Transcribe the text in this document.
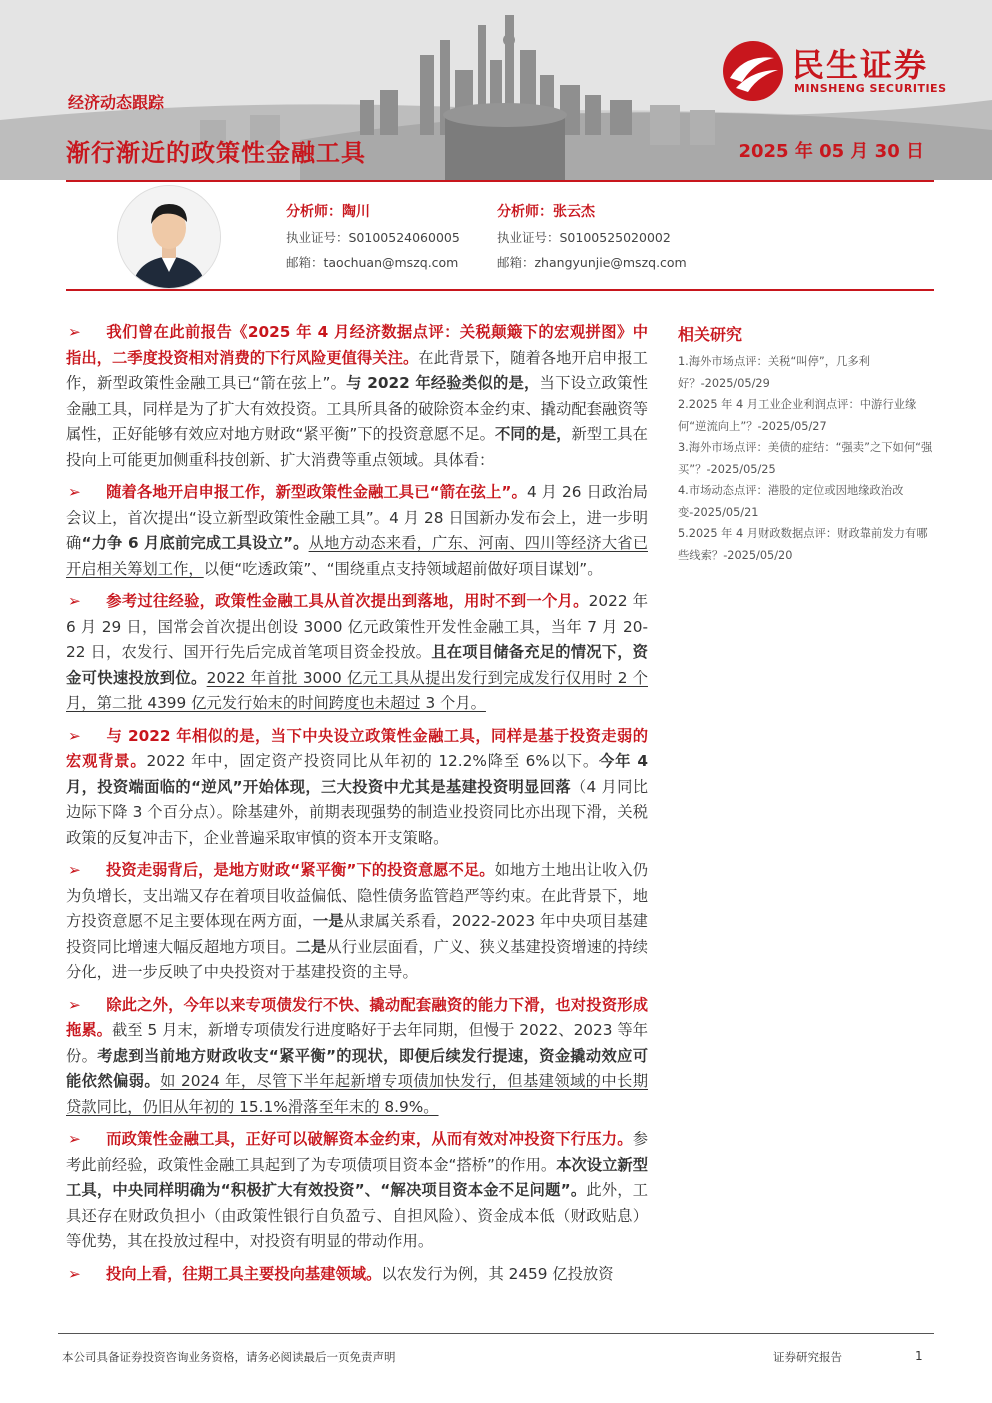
民生证券
MINSHENG SECURITIES
经济动态跟踪
渐行渐近的政策性金融工具	2025 年 05 月 30 日
分析师：陶川
执业证号：S0100524060005
邮箱：taochuan@mszq.com
分析师：张云杰
执业证号：S0100525020002
邮箱：zhangyunjie@mszq.com

➢ 我们曾在此前报告《2025 年 4 月经济数据点评：关税颠簸下的宏观拼图》中指出，二季度投资相对消费的下行风险更值得关注。在此背景下，随着各地开启申报工作，新型政策性金融工具已“箭在弦上”。与 2022 年经验类似的是，当下设立政策性金融工具，同样是为了扩大有效投资。工具所具备的破除资本金约束、撬动配套融资等属性，正好能够有效应对地方财政“紧平衡”下的投资意愿不足。不同的是，新型工具在投向上可能更加侧重科技创新、扩大消费等重点领域。具体看：

➢ 随着各地开启申报工作，新型政策性金融工具已“箭在弦上”。4 月 26 日政治局会议上，首次提出“设立新型政策性金融工具”。4 月 28 日国新办发布会上，进一步明确“力争 6 月底前完成工具设立”。从地方动态来看，广东、河南、四川等经济大省已开启相关筹划工作，以便“吃透政策”、“围绕重点支持领域超前做好项目谋划”。

➢ 参考过往经验，政策性金融工具从首次提出到落地，用时不到一个月。2022 年 6 月 29 日，国常会首次提出创设 3000 亿元政策性开发性金融工具，当年 7 月 20-22 日，农发行、国开行先后完成首笔项目资金投放。且在项目储备充足的情况下，资金可快速投放到位。2022 年首批 3000 亿元工具从提出发行到完成发行仅用时 2 个月，第二批 4399 亿元发行始末的时间跨度也未超过 3 个月。

➢ 与 2022 年相似的是，当下中央设立政策性金融工具，同样是基于投资走弱的宏观背景。2022 年中，固定资产投资同比从年初的 12.2%降至 6%以下。今年 4 月，投资端面临的“逆风”开始体现，三大投资中尤其是基建投资明显回落（4 月同比边际下降 3 个百分点）。除基建外，前期表现强势的制造业投资同比亦出现下滑，关税政策的反复冲击下，企业普遍采取审慎的资本开支策略。

➢ 投资走弱背后，是地方财政“紧平衡”下的投资意愿不足。如地方土地出让收入仍为负增长，支出端又存在着项目收益偏低、隐性债务监管趋严等约束。在此背景下，地方投资意愿不足主要体现在两方面，一是从隶属关系看，2022-2023 年中央项目基建投资同比增速大幅反超地方项目。二是从行业层面看，广义、狭义基建投资增速的持续分化，进一步反映了中央投资对于基建投资的主导。

➢ 除此之外，今年以来专项债发行不快、撬动配套融资的能力下滑，也对投资形成拖累。截至 5 月末，新增专项债发行进度略好于去年同期，但慢于 2022、2023 等年份。考虑到当前地方财政收支“紧平衡”的现状，即便后续发行提速，资金撬动效应可能依然偏弱。如 2024 年，尽管下半年起新增专项债加快发行，但基建领域的中长期贷款同比，仍旧从年初的 15.1%滑落至年末的 8.9%。

➢ 而政策性金融工具，正好可以破解资本金约束，从而有效对冲投资下行压力。参考此前经验，政策性金融工具起到了为专项债项目资本金“搭桥”的作用。本次设立新型工具，中央同样明确为“积极扩大有效投资”、“解决项目资本金不足问题”。此外，工具还存在财政负担小（由政策性银行自负盈亏、自担风险）、资金成本低（财政贴息）等优势，其在投放过程中，对投资有明显的带动作用。

➢ 投向上看，往期工具主要投向基建领域。以农发行为例，其 2459 亿投放资

相关研究

1.海外市场点评：关税“叫停”，几多利好？-2025/05/29

2.2025 年 4 月工业企业利润点评：中游行业缘何“逆流向上”？-2025/05/27

3.海外市场点评：美债的症结：“强卖”之下如何“强买”？-2025/05/25

4.市场动态点评：港股的定位或因地缘政治改变-2025/05/21

5.2025 年 4 月财政数据点评：财政靠前发力有哪些线索？-2025/05/20

本公司具备证券投资咨询业务资格，请务必阅读最后一页免责声明	证券研究报告	1
